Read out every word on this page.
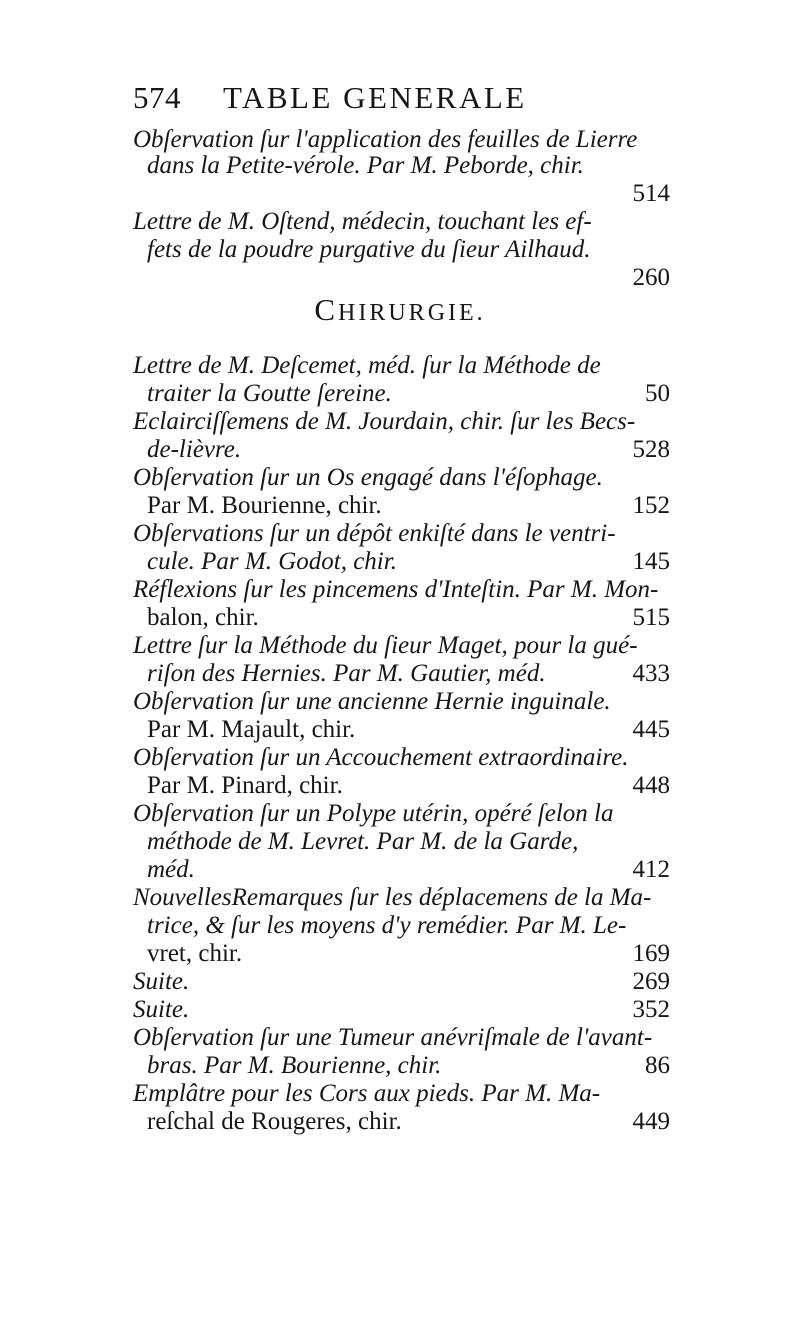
574 TABLE GENERALE
CHIRURGIE.
Obſervation ſur l'application des feuilles de Lierre
dans la Petite-vérole. Par M. Peborde, chir.
514
Lettre de M. Oſtend, médecin, touchant les ef-
fets de la poudre purgative du ſieur Ailhaud.
260
Lettre de M. Deſcemet, méd. ſur la Méthode de
traiter la Goutte ſereine.	50
Eclairciſſemens de M. Jourdain, chir. ſur les Becs-
de-lièvre.	528
Obſervation ſur un Os engagé dans l'éſophage.
Par M. Bourienne, chir.	152
Obſervations ſur un dépôt enkiſté dans le ventri-
cule. Par M. Godot, chir.	145
Réflexions ſur les pincemens d'Inteſtin. Par M. Mon-
balon, chir.	515
Lettre ſur la Méthode du ſieur Maget, pour la gué-
riſon des Hernies. Par M. Gautier, méd.	433
Obſervation ſur une ancienne Hernie inguinale.
Par M. Majault, chir.	445
Obſervation ſur un Accouchement extraordinaire.
Par M. Pinard, chir.	448
Obſervation ſur un Polype utérin, opéré ſelon la
méthode de M. Levret. Par M. de la Garde,
méd.	412
NouvellesRemarques ſur les déplacemens de la Ma-
trice, & ſur les moyens d'y remédier. Par M. Le-
vret, chir.	169
Suite.	269
Suite.	352
Obſervation ſur une Tumeur anévriſmale de l'avant-
bras. Par M. Bourienne, chir.	86
Emplâtre pour les Cors aux pieds. Par M. Ma-
reſchal de Rougeres, chir.	449
